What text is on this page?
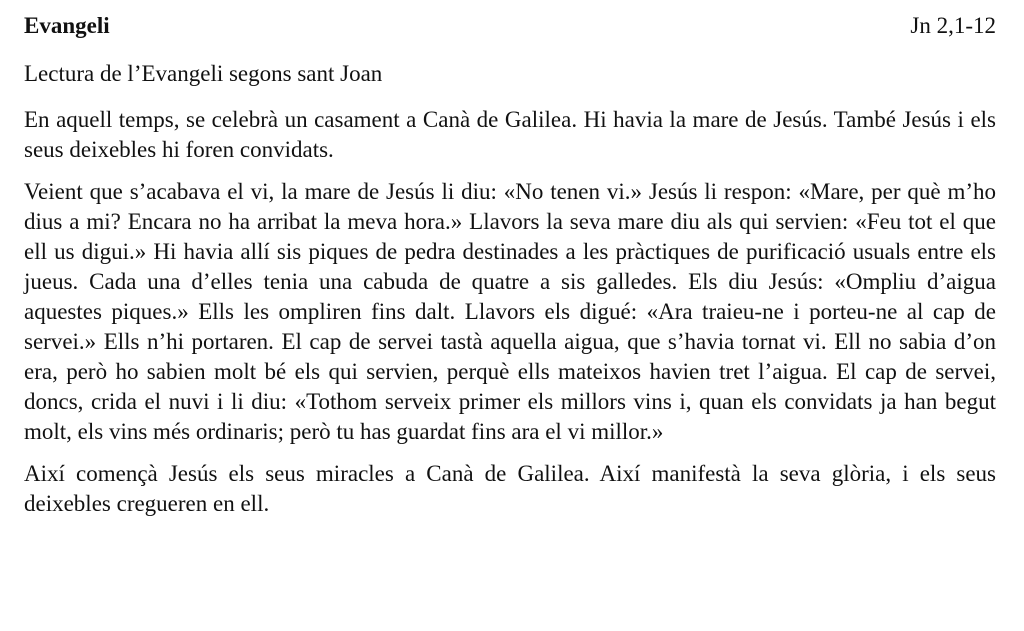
Evangeli	Jn 2,1-12
Lectura de l’Evangeli segons sant Joan

En aquell temps, se celebrà un casament a Canà de Galilea. Hi havia la mare de Jesús. També Jesús i els seus deixebles hi foren convidats.

Veient que s’acabava el vi, la mare de Jesús li diu: «No tenen vi.» Jesús li respon: «Mare, per què m’ho dius a mi? Encara no ha arribat la meva hora.» Llavors la seva mare diu als qui servien: «Feu tot el que ell us digui.» Hi havia allí sis piques de pedra destinades a les pràctiques de purificació usuals entre els jueus. Cada una d’elles tenia una cabuda de quatre a sis galledes. Els diu Jesús: «Ompliu d’aigua aquestes piques.» Ells les ompliren fins dalt. Llavors els digué: «Ara traieu-ne i porteu-ne al cap de servei.» Ells n’hi portaren. El cap de servei tastà aquella aigua, que s’havia tornat vi. Ell no sabia d’on era, però ho sabien molt bé els qui servien, perquè ells mateixos havien tret l’aigua. El cap de servei, doncs, crida el nuvi i li diu: «Tothom serveix primer els millors vins i, quan els convidats ja han begut molt, els vins més ordinaris; però tu has guardat fins ara el vi millor.»

Així començà Jesús els seus miracles a Canà de Galilea. Així manifestà la seva glòria, i els seus deixebles cregueren en ell.
